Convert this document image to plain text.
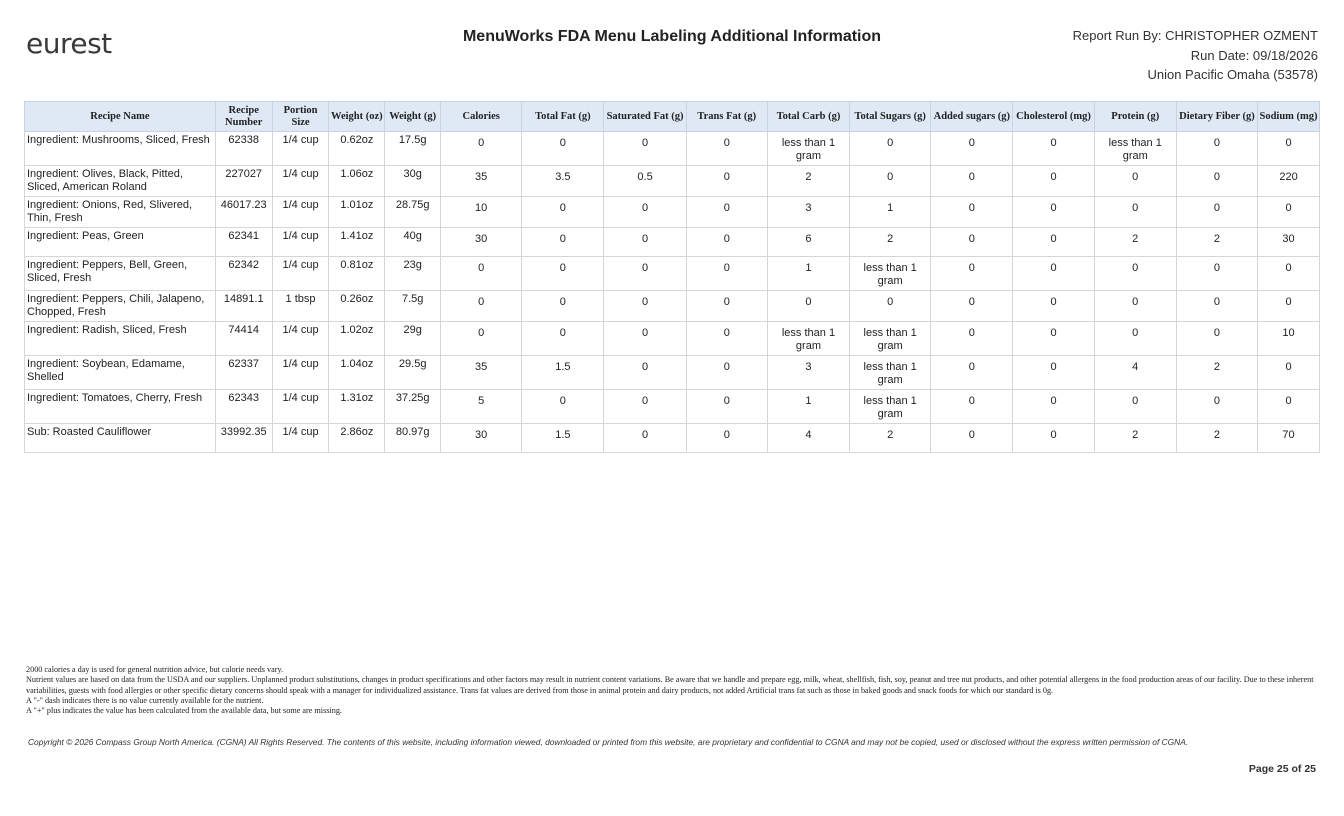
eurest	MenuWorks FDA Menu Labeling Additional Information	Report Run By: CHRISTOPHER OZMENT
Run Date: 09/18/2026
Union Pacific Omaha (53578)
Recipe Name	Recipe Number	Portion Size	Weight (oz)	Weight (g)	Calories	Total Fat (g)	Saturated Fat (g)	Trans Fat (g)	Total Carb (g)	Total Sugars (g)	Added sugars (g)	Cholesterol (mg)	Protein (g)	Dietary Fiber (g)	Sodium (mg)
Ingredient: Mushrooms, Sliced, Fresh	62338	1/4 cup	0.62oz	17.5g	0	0	0	0	less than 1 gram	0	0	0	less than 1 gram	0	0
Ingredient: Olives, Black, Pitted, Sliced, American Roland	227027	1/4 cup	1.06oz	30g	35	3.5	0.5	0	2	0	0	0	0	0	220
Ingredient: Onions, Red, Slivered, Thin, Fresh	46017.23	1/4 cup	1.01oz	28.75g	10	0	0	0	3	1	0	0	0	0	0
Ingredient: Peas, Green	62341	1/4 cup	1.41oz	40g	30	0	0	0	6	2	0	0	2	2	30
Ingredient: Peppers, Bell, Green, Sliced, Fresh	62342	1/4 cup	0.81oz	23g	0	0	0	0	1	less than 1 gram	0	0	0	0	0
Ingredient: Peppers, Chili, Jalapeno, Chopped, Fresh	14891.1	1 tbsp	0.26oz	7.5g	0	0	0	0	0	0	0	0	0	0	0
Ingredient: Radish, Sliced, Fresh	74414	1/4 cup	1.02oz	29g	0	0	0	0	less than 1 gram	less than 1 gram	0	0	0	0	10
Ingredient: Soybean, Edamame, Shelled	62337	1/4 cup	1.04oz	29.5g	35	1.5	0	0	3	less than 1 gram	0	0	4	2	0
Ingredient: Tomatoes, Cherry, Fresh	62343	1/4 cup	1.31oz	37.25g	5	0	0	0	1	less than 1 gram	0	0	0	0	0
Sub: Roasted Cauliflower	33992.35	1/4 cup	2.86oz	80.97g	30	1.5	0	0	4	2	0	0	2	2	70
2000 calories a day is used for general nutrition advice, but calorie needs vary.
Nutrient values are based on data from the USDA and our suppliers. Unplanned product substitutions, changes in product specifications and other factors may result in nutrient content variations. Be aware that we handle and prepare egg, milk, wheat, shellfish, fish, soy, peanut and tree nut products, and other potential allergens in the food production areas of our facility. Due to these inherent variabilities, guests with food allergies or other specific dietary concerns should speak with a manager for individualized assistance. Trans fat values are derived from those in animal protein and dairy products, not added Artificial trans fat such as those in baked goods and snack foods for which our standard is 0g.
A "-" dash indicates there is no value currently available for the nutrient.
A "+" plus indicates the value has been calculated from the available data, but some are missing.
Copyright © 2026 Compass Group North America. (CGNA) All Rights Reserved. The contents of this website, including information viewed, downloaded or printed from this website, are proprietary and confidential to CGNA and may not be copied, used or disclosed without the express written permission of CGNA.
Page 25 of 25
